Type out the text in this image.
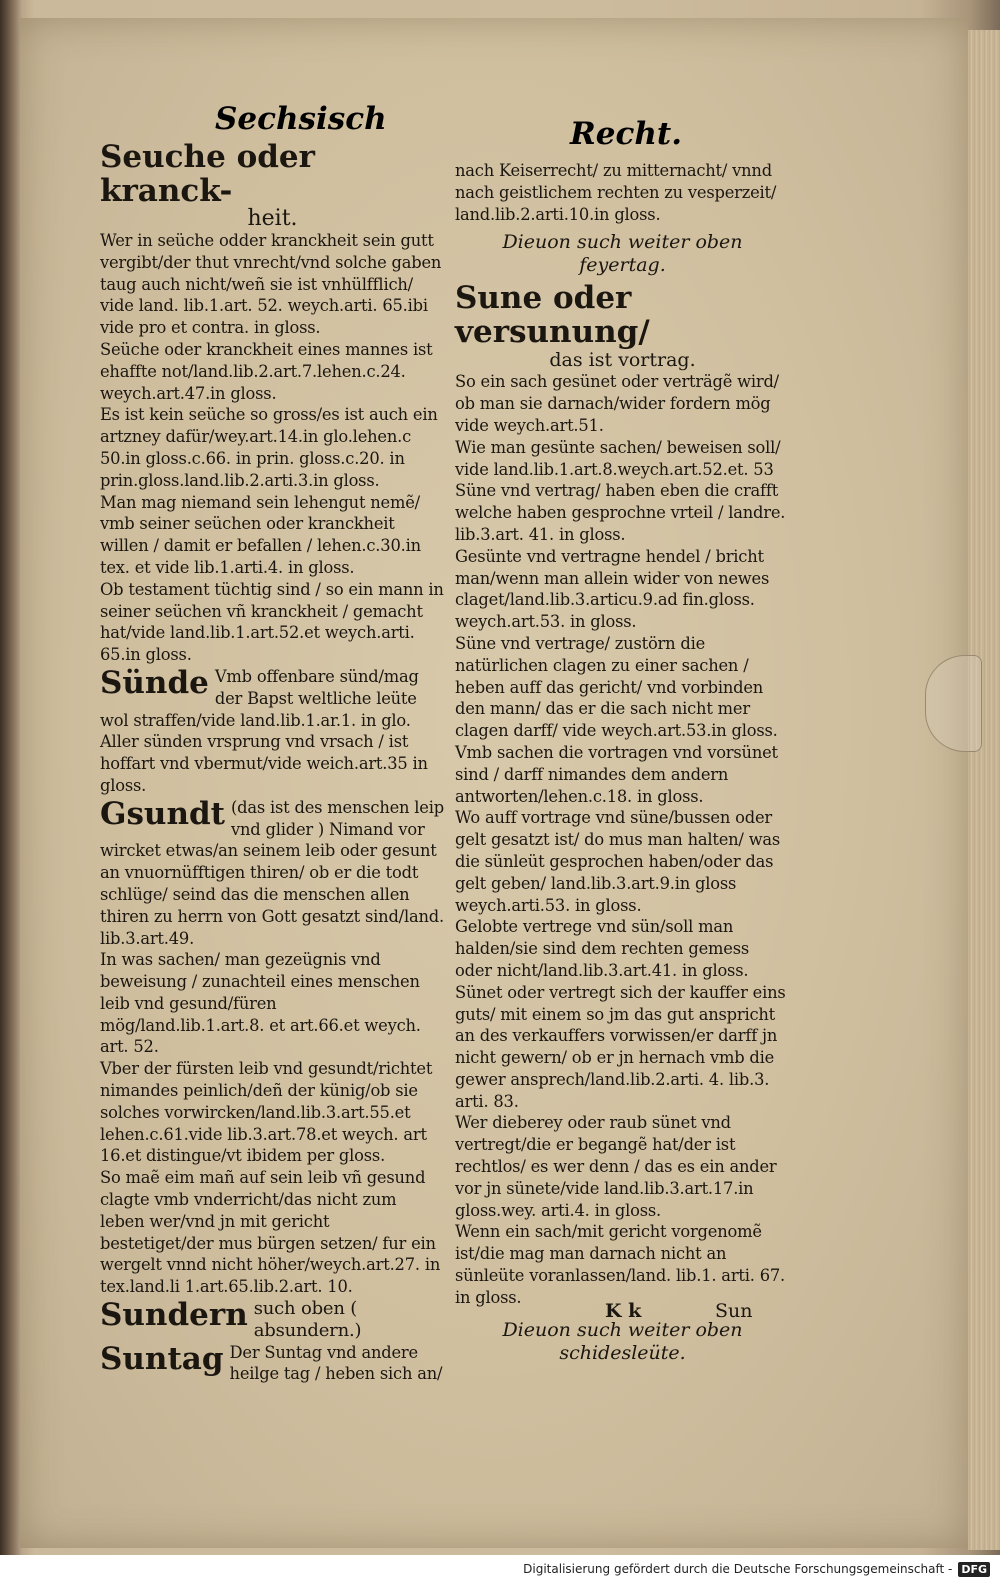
Sechsisch	Recht.
Seuche oder kranck-
heit.
Wer in seüche odder kranckheit sein gutt vergibt/der thut vnrecht/vnd solche gaben taug auch nicht/weñ sie ist vnhülfflich/ vide land. lib.1.art. 52. weych.arti. 65.ibi vide pro et contra. in gloss.
Seüche oder kranckheit eines mannes ist ehaffte not/land.lib.2.art.7.lehen.c.24. weych.art.47.in gloss.
Es ist kein seüche so gross/es ist auch ein artzney dafür/wey.art.14.in glo.lehen.c 50.in gloss.c.66. in prin. gloss.c.20. in prin.gloss.land.lib.2.arti.3.in gloss.
Man mag niemand sein lehengut nemẽ/ vmb seiner seüchen oder kranckheit willen / damit er befallen / lehen.c.30.in tex. et vide lib.1.arti.4. in gloss.
Ob testament tüchtig sind / so ein mann in seiner seüchen vñ kranckheit / gemacht hat/vide land.lib.1.art.52.et weych.arti. 65.in gloss.
Sünde Vmb offenbare sünd/mag der Bapst weltliche leüte
wol straffen/vide land.lib.1.ar.1. in glo.
Aller sünden vrsprung vnd vrsach / ist hoffart vnd vbermut/vide weich.art.35 in gloss.
Gsundt (das ist des menschen leip vnd glider ) Nimand vor
wircket etwas/an seinem leib oder gesunt an vnuornüfftigen thiren/ ob er die todt schlüge/ seind das die menschen allen thiren zu herrn von Gott gesatzt sind/land. lib.3.art.49.
In was sachen/ man gezeügnis vnd beweisung / zunachteil eines menschen leib vnd gesund/füren mög/land.lib.1.art.8. et art.66.et weych. art. 52.
Vber der fürsten leib vnd gesundt/richtet nimandes peinlich/deñ der künig/ob sie solches vorwircken/land.lib.3.art.55.et lehen.c.61.vide lib.3.art.78.et weych. art 16.et distingue/vt ibidem per gloss.
So maẽ eim mañ auf sein leib vñ gesund clagte vmb vnderricht/das nicht zum leben wer/vnd jn mit gericht bestetiget/der mus bürgen setzen/ fur ein wergelt vnnd nicht höher/weych.art.27. in tex.land.li 1.art.65.lib.2.art. 10.
Sundern such oben ( absundern.)
Suntag Der Suntag vnd andere heilge tag / heben sich an/
nach Keiserrecht/ zu mitternacht/ vnnd nach geistlichem rechten zu vesperzeit/ land.lib.2.arti.10.in gloss.
Dieuon such weiter oben
feyertag.
Sune oder versunung/
das ist vortrag.
So ein sach gesünet oder verträgẽ wird/ ob man sie darnach/wider fordern mög vide weych.art.51.
Wie man gesünte sachen/ beweisen soll/ vide land.lib.1.art.8.weych.art.52.et. 53
Süne vnd vertrag/ haben eben die crafft welche haben gesprochne vrteil / landre. lib.3.art. 41. in gloss.
Gesünte vnd vertragne hendel / bricht man/wenn man allein wider von newes claget/land.lib.3.articu.9.ad fin.gloss. weych.art.53. in gloss.
Süne vnd vertrage/ zustörn die natürlichen clagen zu einer sachen / heben auff das gericht/ vnd vorbinden den mann/ das er die sach nicht mer clagen darff/ vide weych.art.53.in gloss.
Vmb sachen die vortragen vnd vorsünet sind / darff nimandes dem andern antworten/lehen.c.18. in gloss.
Wo auff vortrage vnd süne/bussen oder gelt gesatzt ist/ do mus man halten/ was die sünleüt gesprochen haben/oder das gelt geben/ land.lib.3.art.9.in gloss weych.arti.53. in gloss.
Gelobte vertrege vnd sün/soll man halden/sie sind dem rechten gemess oder nicht/land.lib.3.art.41. in gloss.
Sünet oder vertregt sich der kauffer eins guts/ mit einem so jm das gut anspricht an des verkauffers vorwissen/er darff jn nicht gewern/ ob er jn hernach vmb die gewer ansprech/land.lib.2.arti. 4. lib.3. arti. 83.
Wer dieberey oder raub sünet vnd vertregt/die er begangẽ hat/der ist rechtlos/ es wer denn / das es ein ander vor jn sünete/vide land.lib.3.art.17.in gloss.wey. arti.4. in gloss.
Wenn ein sach/mit gericht vorgenomẽ ist/die mag man darnach nicht an sünleüte voranlassen/land. lib.1. arti. 67. in gloss.
Dieuon such weiter oben
schidesleüte.
K k	Sun
Digitalisierung gefördert durch die Deutsche Forschungsgemeinschaft - DFG
